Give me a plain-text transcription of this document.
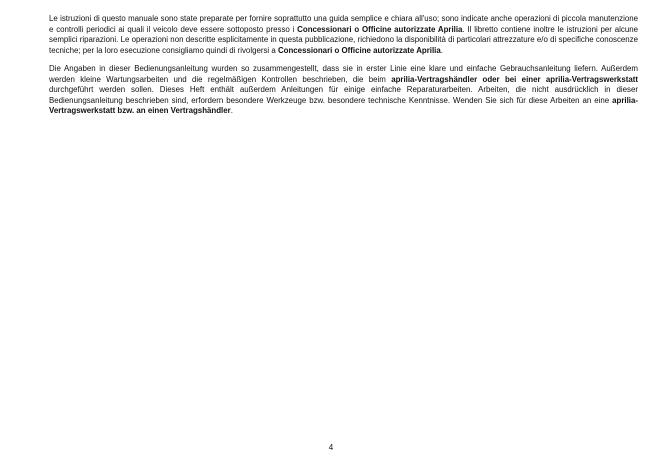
Le istruzioni di questo manuale sono state preparate per fornire soprattutto una guida semplice e chiara all'uso; sono indicate anche operazioni di piccola manutenzione e controlli periodici ai quali il veicolo deve essere sottoposto presso i Concessionari o Officine autorizzate Aprilia. Il libretto contiene inoltre le istruzioni per alcune semplici riparazioni. Le operazioni non descritte esplicitamente in questa pubblicazione, richiedono la disponibilità di particolari attrezzature e/o di specifiche conoscenze tecniche; per la loro esecuzione consigliamo quindi di rivolgersi a Concessionari o Officine autorizzate Aprilia.

Die Angaben in dieser Bedienungsanleitung wurden so zusammengestellt, dass sie in erster Linie eine klare und einfache Gebrauchsanleitung liefern. Außerdem werden kleine Wartungsarbeiten und die regelmäßigen Kontrollen beschrieben, die beim aprilia-Vertragshändler oder bei einer aprilia-Vertragswerkstatt durchgeführt werden sollen. Dieses Heft enthält außerdem Anleitungen für einige einfache Reparaturarbeiten. Arbeiten, die nicht ausdrücklich in dieser Bedienungsanleitung beschrieben sind, erfordern besondere Werkzeuge bzw. besondere technische Kenntnisse. Wenden Sie sich für diese Arbeiten an eine aprilia-Vertragswerkstatt bzw. an einen Vertragshändler.

4
